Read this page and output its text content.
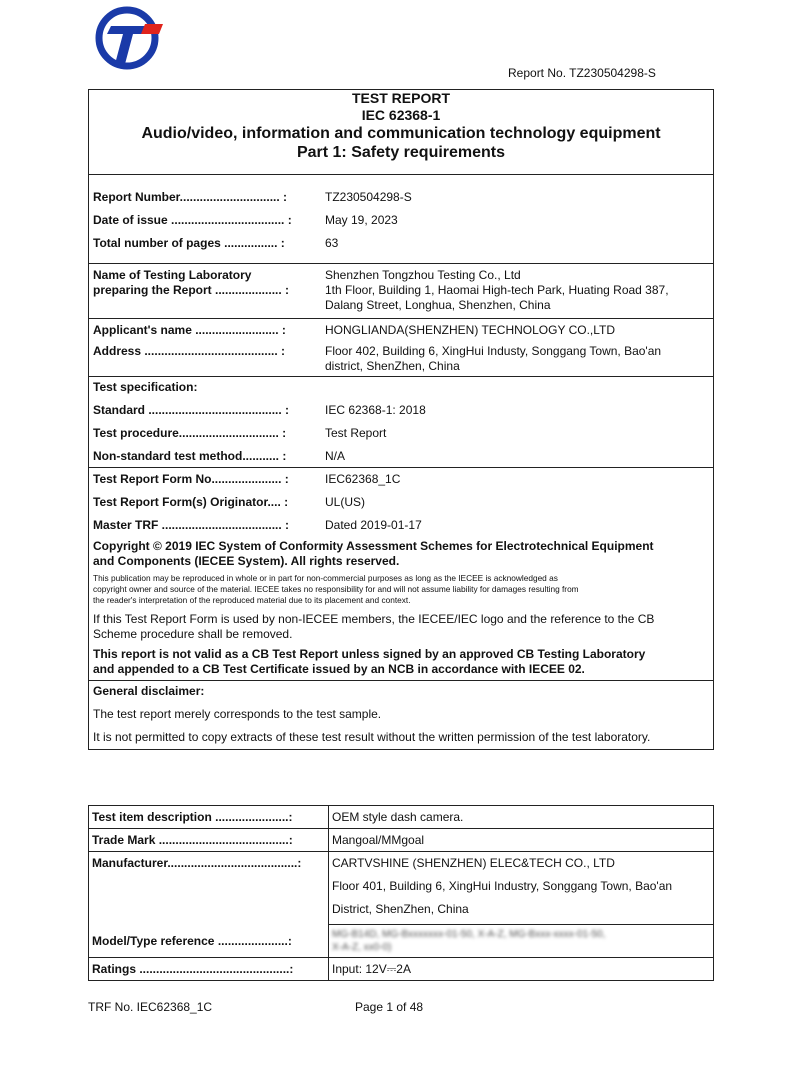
Report No. TZ230504298-S
TEST REPORT
IEC 62368-1
Audio/video, information and communication technology equipment
Part 1: Safety requirements

Report Number.............................. :	TZ230504298-S
Date of issue .................................. :	May 19, 2023
Total number of pages ................ :	63

Name of Testing Laboratory
preparing the Report .................... :
Shenzhen Tongzhou Testing Co., Ltd
1th Floor, Building 1, Haomai High-tech Park, Huating Road 387,
Dalang Street, Longhua, Shenzhen, China

Applicant's name ......................... :	HONGLIANDA(SHENZHEN) TECHNOLOGY CO.,LTD
Address ........................................ :	Floor 402, Building 6, XingHui Industy, Songgang Town, Bao'an
district, ShenZhen, China

Test specification:
Standard ........................................ :	IEC 62368-1: 2018
Test procedure.............................. :	Test Report
Non-standard test method........... :	N/A

Test Report Form No..................... :	IEC62368_1C
Test Report Form(s) Originator.... :	UL(US)
Master TRF .................................... :	Dated 2019-01-17
Copyright © 2019 IEC System of Conformity Assessment Schemes for Electrotechnical Equipment
and Components (IECEE System). All rights reserved.
This publication may be reproduced in whole or in part for non-commercial purposes as long as the IECEE is acknowledged as
copyright owner and source of the material. IECEE takes no responsibility for and will not assume liability for damages resulting from
the reader's interpretation of the reproduced material due to its placement and context.
If this Test Report Form is used by non-IECEE members, the IECEE/IEC logo and the reference to the CB
Scheme procedure shall be removed.
This report is not valid as a CB Test Report unless signed by an approved CB Testing Laboratory
and appended to a CB Test Certificate issued by an NCB in accordance with IECEE 02.

General disclaimer:
The test report merely corresponds to the test sample.
It is not permitted to copy extracts of these test result without the written permission of the test laboratory.
Test item description ......................:	OEM style dash camera.
Trade Mark .......................................:	Mangoal/MMgoal
Manufacturer.......................................:	CARTVSHINE (SHENZHEN) ELEC&TECH CO., LTD
Floor 401, Building 6, XingHui Industry, Songgang Town, Bao'an
District, ShenZhen, China

Model/Type reference .....................:	MG-B14D, MG-Bxxxxxxx-01-50, X-A-Z, MG-Bxxx-xxxx-01-50,
X-A-Z, xx0-0)

Ratings .............................................:	Input: 12V⎓2A
TRF No. IEC62368_1C	Page 1 of 48
